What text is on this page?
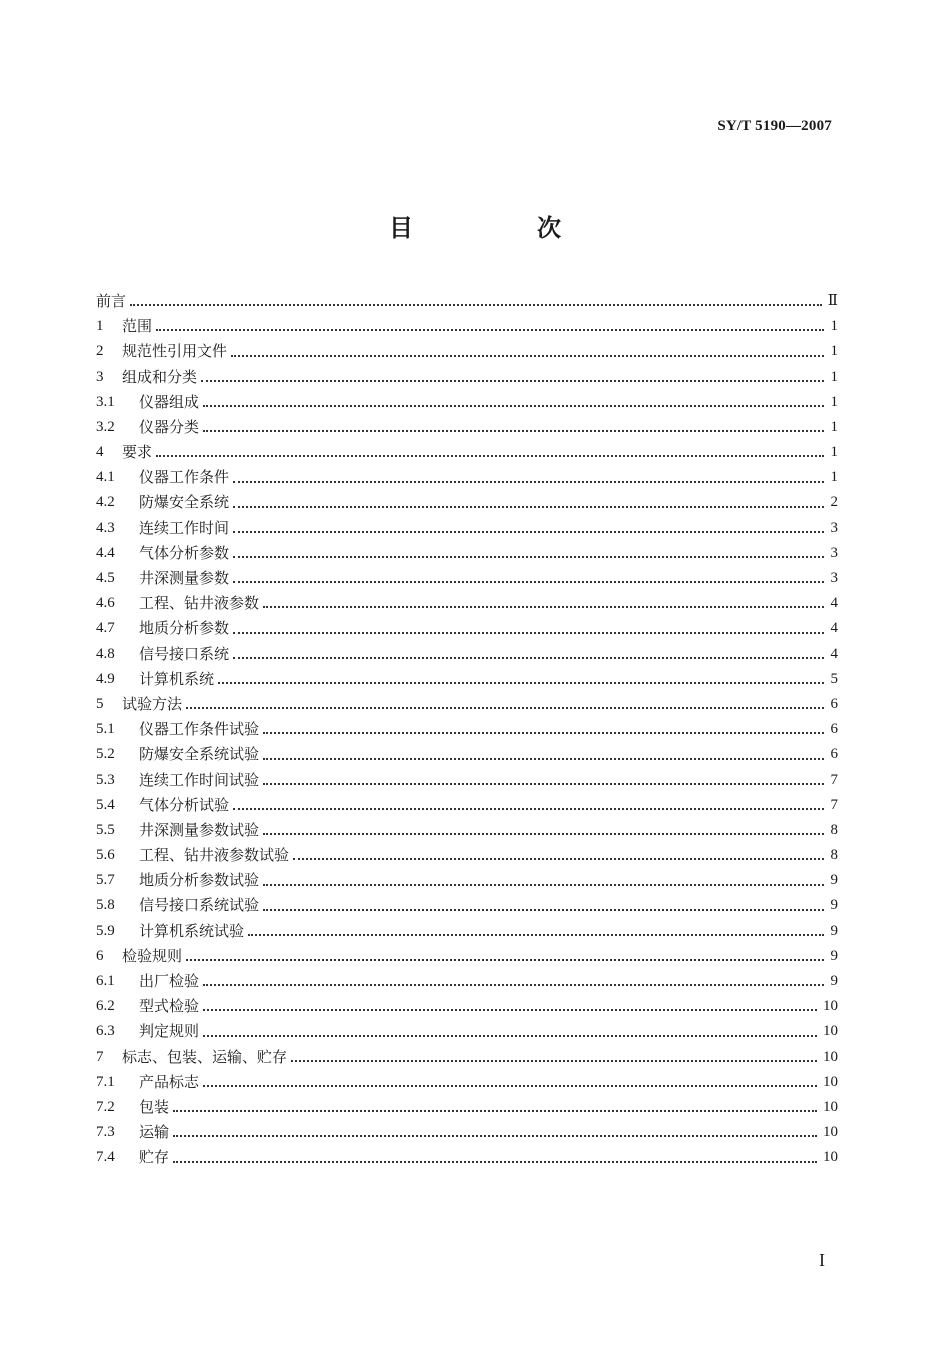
SY/T 5190—2007
目　次
前言	Ⅱ
1	范围	1
2	规范性引用文件	1
3	组成和分类	1
3.1	仪器组成	1
3.2	仪器分类	1
4	要求	1
4.1	仪器工作条件	1
4.2	防爆安全系统	2
4.3	连续工作时间	3
4.4	气体分析参数	3
4.5	井深测量参数	3
4.6	工程、钻井液参数	4
4.7	地质分析参数	4
4.8	信号接口系统	4
4.9	计算机系统	5
5	试验方法	6
5.1	仪器工作条件试验	6
5.2	防爆安全系统试验	6
5.3	连续工作时间试验	7
5.4	气体分析试验	7
5.5	井深测量参数试验	8
5.6	工程、钻井液参数试验	8
5.7	地质分析参数试验	9
5.8	信号接口系统试验	9
5.9	计算机系统试验	9
6	检验规则	9
6.1	出厂检验	9
6.2	型式检验	10
6.3	判定规则	10
7	标志、包装、运输、贮存	10
7.1	产品标志	10
7.2	包装	10
7.3	运输	10
7.4	贮存	10
I
